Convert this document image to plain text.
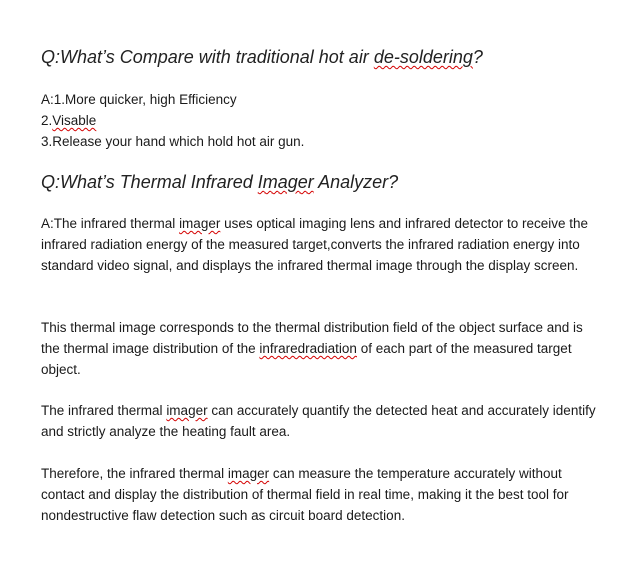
Q:What’s Compare with traditional hot air de-soldering?
A:1.More quicker, high Efficiency
2.Visable
3.Release your hand which hold hot air gun.
Q:What’s Thermal Infrared Imager Analyzer?

A:The infrared thermal imager uses optical imaging lens and infrared detector to receive the infrared radiation energy of the measured target,converts the infrared radiation energy into standard video signal, and displays the infrared thermal image through the display screen.

This thermal image corresponds to the thermal distribution field of the object surface and is the thermal image distribution of the infraredradiation of each part of the measured target object.

The infrared thermal imager can accurately quantify the detected heat and accurately identify and strictly analyze the heating fault area.

Therefore, the infrared thermal imager can measure the temperature accurately without contact and display the distribution of thermal field in real time, making it the best tool for nondestructive flaw detection such as circuit board detection.
